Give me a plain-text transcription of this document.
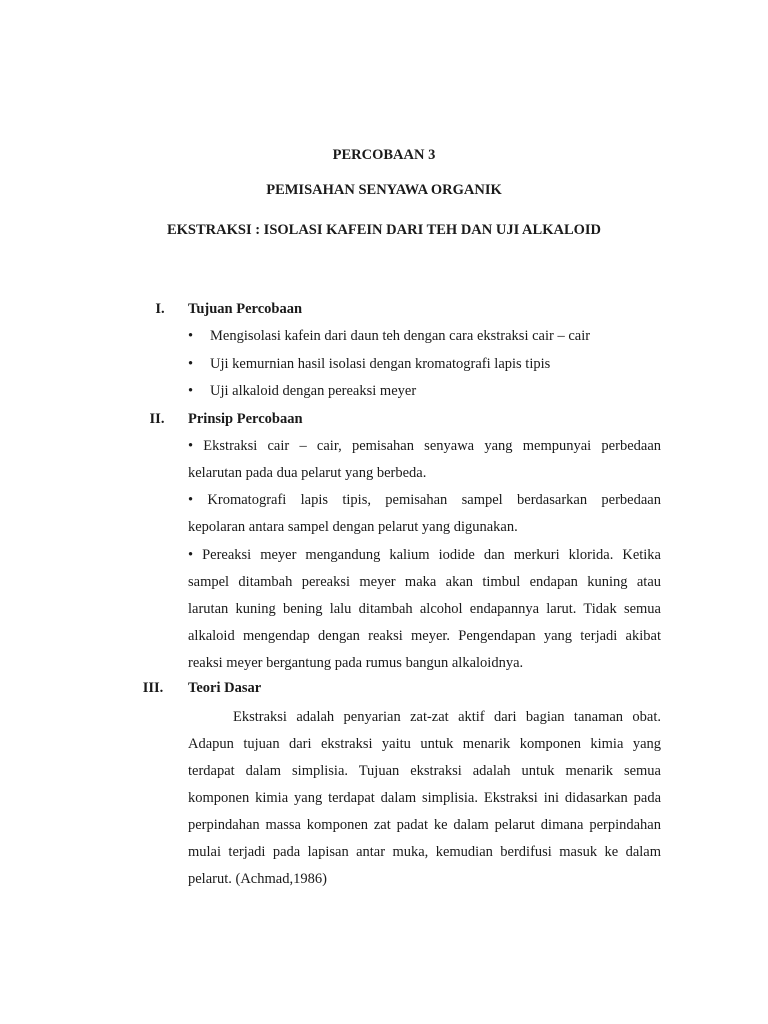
PERCOBAAN 3
PEMISAHAN SENYAWA ORGANIK
EKSTRAKSI : ISOLASI KAFEIN DARI TEH DAN UJI ALKALOID
I.	Tujuan Percobaan
• Mengisolasi kafein dari daun teh dengan cara ekstraksi cair – cair
• Uji kemurnian hasil isolasi dengan kromatografi lapis tipis
• Uji alkaloid dengan pereaksi meyer
II.	Prinsip Percobaan
• Ekstraksi cair – cair, pemisahan senyawa yang mempunyai perbedaan
kelarutan pada dua pelarut yang berbeda.
• Kromatografi lapis tipis, pemisahan sampel berdasarkan perbedaan
kepolaran antara sampel dengan pelarut yang digunakan.
• Pereaksi meyer mengandung kalium iodide dan merkuri klorida. Ketika
sampel ditambah pereaksi meyer maka akan timbul endapan kuning atau
larutan kuning bening lalu ditambah alcohol endapannya larut. Tidak semua
alkaloid mengendap dengan reaksi meyer. Pengendapan yang terjadi akibat
reaksi meyer bergantung pada rumus bangun alkaloidnya.
III.	Teori Dasar
Ekstraksi adalah penyarian zat-zat aktif dari bagian tanaman obat.
Adapun tujuan dari ekstraksi yaitu untuk menarik komponen kimia yang
terdapat dalam simplisia. Tujuan ekstraksi adalah untuk menarik semua
komponen kimia yang terdapat dalam simplisia. Ekstraksi ini didasarkan pada
perpindahan massa komponen zat padat ke dalam pelarut dimana perpindahan
mulai terjadi pada lapisan antar muka, kemudian berdifusi masuk ke dalam
pelarut. (Achmad,1986)
